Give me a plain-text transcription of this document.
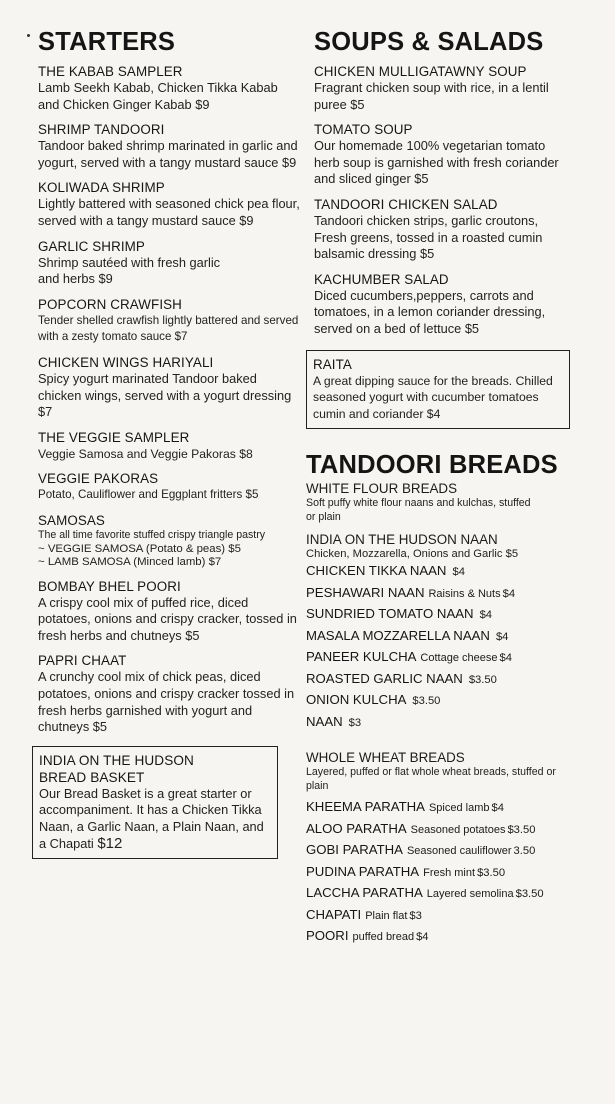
STARTERS
THE KABAB SAMPLER
Lamb Seekh Kabab, Chicken Tikka Kabab and Chicken Ginger Kabab $9
SHRIMP TANDOORI
Tandoor baked shrimp marinated in garlic and yogurt, served with a tangy mustard sauce $9
KOLIWADA SHRIMP
Lightly battered with seasoned chick pea flour, served with a tangy mustard sauce $9
GARLIC SHRIMP
Shrimp sautéed with fresh garlic and herbs $9
POPCORN CRAWFISH
Tender shelled crawfish lightly battered and served with a zesty tomato sauce $7
CHICKEN WINGS HARIYALI
Spicy yogurt marinated Tandoor baked chicken wings, served with a yogurt dressing $7
THE VEGGIE SAMPLER
Veggie Samosa and Veggie Pakoras $8
VEGGIE PAKORAS
Potato, Cauliflower and Eggplant fritters $5
SAMOSAS
The all time favorite stuffed crispy triangle pastry
~ VEGGIE SAMOSA (Potato & peas) $5
~ LAMB SAMOSA (Minced lamb) $7
BOMBAY BHEL POORI
A crispy cool mix of puffed rice, diced potatoes, onions and crispy cracker, tossed in fresh herbs and chutneys $5
PAPRI CHAAT
A crunchy cool mix of chick peas, diced potatoes, onions and crispy cracker tossed in fresh herbs garnished with yogurt and chutneys $5
INDIA ON THE HUDSON BREAD BASKET
Our Bread Basket is a great starter or accompaniment. It has a Chicken Tikka Naan, a Garlic Naan, a Plain Naan, and a Chapati $12
SOUPS & SALADS
CHICKEN MULLIGATAWNY SOUP
Fragrant chicken soup with rice, in a lentil puree $5
TOMATO SOUP
Our homemade 100% vegetarian tomato herb soup is garnished with fresh coriander and sliced ginger $5
TANDOORI CHICKEN SALAD
Tandoori chicken strips, garlic croutons, Fresh greens, tossed in a roasted cumin balsamic dressing $5
KACHUMBER SALAD
Diced cucumbers,peppers, carrots and tomatoes, in a lemon coriander dressing, served on a bed of lettuce $5
RAITA
A great dipping sauce for the breads. Chilled seasoned yogurt with cucumber tomatoes cumin and coriander $4
TANDOORI BREADS
WHITE FLOUR BREADS
Soft puffy white flour naans and kulchas, stuffed or plain
INDIA ON THE HUDSON NAAN
Chicken, Mozzarella, Onions and Garlic $5
CHICKEN TIKKA NAAN $4
PESHAWARI NAAN Raisins & Nuts $4
SUNDRIED TOMATO NAAN $4
MASALA MOZZARELLA NAAN $4
PANEER KULCHA Cottage cheese $4
ROASTED GARLIC NAAN $3.50
ONION KULCHA $3.50
NAAN $3
WHOLE WHEAT BREADS
Layered, puffed or flat whole wheat breads, stuffed or plain
KHEEMA PARATHA Spiced lamb $4
ALOO PARATHA Seasoned potatoes $3.50
GOBI PARATHA Seasoned cauliflower 3.50
PUDINA PARATHA Fresh mint $3.50
LACCHA PARATHA Layered semolina $3.50
CHAPATI Plain flat $3
POORI puffed bread $4
